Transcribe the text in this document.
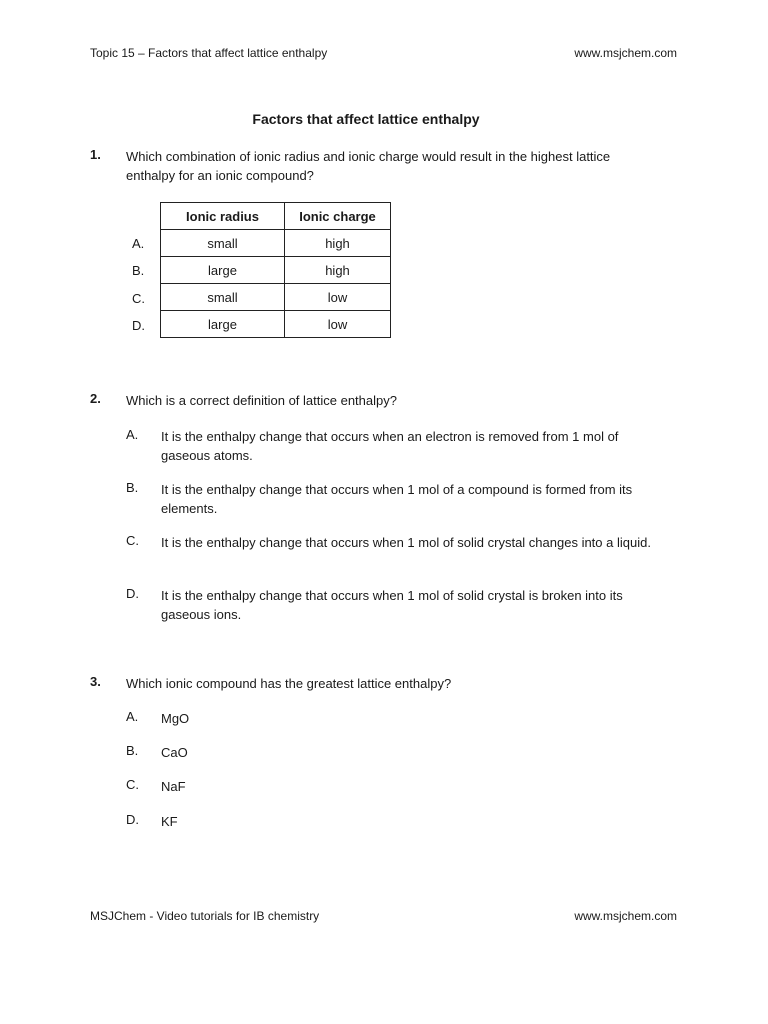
Topic 15 – Factors that affect lattice enthalpy	www.msjchem.com
Factors that affect lattice enthalpy
1. Which combination of ionic radius and ionic charge would result in the highest lattice enthalpy for an ionic compound?
A.
B.
C.
D.
Ionic radius	Ionic charge
small	high
large	high
small	low
large	low
2. Which is a correct definition of lattice enthalpy?
A. It is the enthalpy change that occurs when an electron is removed from 1 mol of gaseous atoms.
B. It is the enthalpy change that occurs when 1 mol of a compound is formed from its elements.
C. It is the enthalpy change that occurs when 1 mol of solid crystal changes into a liquid.
D. It is the enthalpy change that occurs when 1 mol of solid crystal is broken into its gaseous ions.
3. Which ionic compound has the greatest lattice enthalpy?
A. MgO
B. CaO
C. NaF
D. KF
MSJChem - Video tutorials for IB chemistry	www.msjchem.com
